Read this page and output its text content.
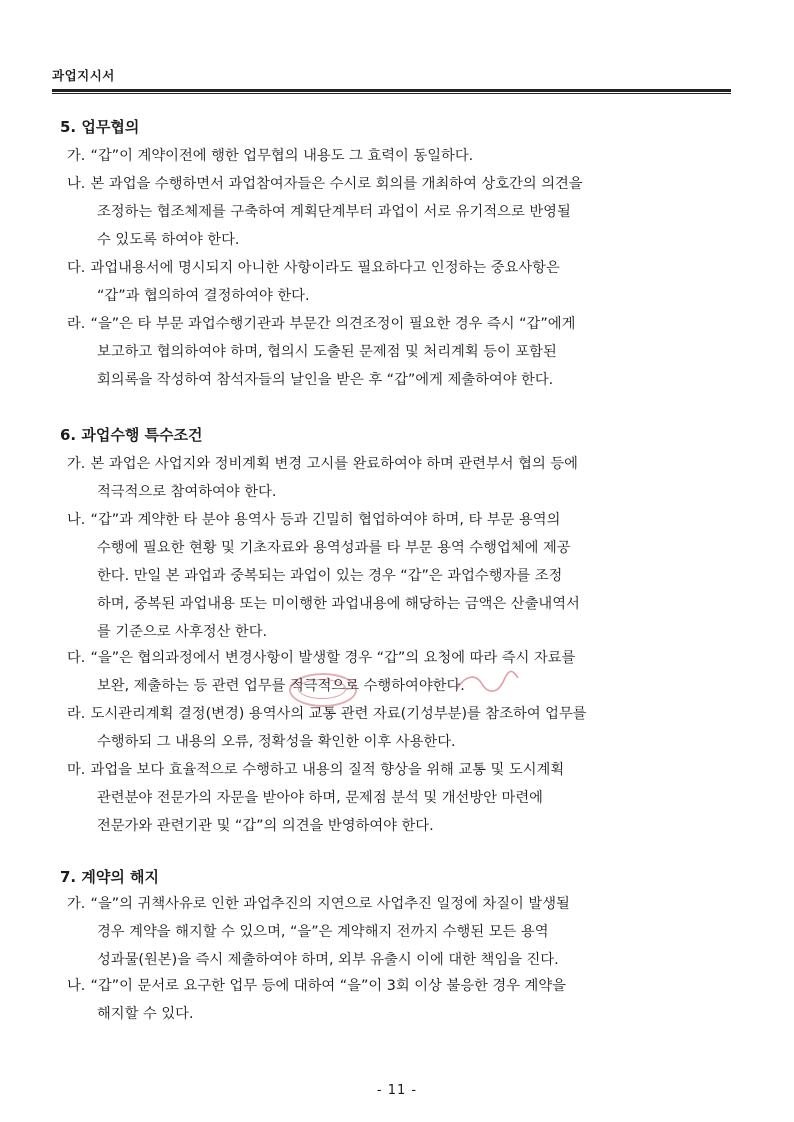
과업지시서
5. 업무협의
가. “갑”이 계약이전에 행한 업무협의 내용도 그 효력이 동일하다.
나. 본 과업을 수행하면서 과업참여자들은 수시로 회의를 개최하여 상호간의 의견을
조정하는 협조체제를 구축하여 계획단계부터 과업이 서로 유기적으로 반영될
수 있도록 하여야 한다.
다. 과업내용서에 명시되지 아니한 사항이라도 필요하다고 인정하는 중요사항은
“갑”과 협의하여 결정하여야 한다.
라. “을”은 타 부문 과업수행기관과 부문간 의견조정이 필요한 경우 즉시 “갑”에게
보고하고 협의하여야 하며, 협의시 도출된 문제점 및 처리계획 등이 포함된
회의록을 작성하여 참석자들의 날인을 받은 후 “갑”에게 제출하여야 한다.
6. 과업수행 특수조건
가. 본 과업은 사업지와 정비계획 변경 고시를 완료하여야 하며 관련부서 협의 등에
적극적으로 참여하여야 한다.
나. “갑”과 계약한 타 분야 용역사 등과 긴밀히 협업하여야 하며, 타 부문 용역의
수행에 필요한 현황 및 기초자료와 용역성과를 타 부문 용역 수행업체에 제공
한다. 만일 본 과업과 중복되는 과업이 있는 경우 “갑”은 과업수행자를 조정
하며, 중복된 과업내용 또는 미이행한 과업내용에 해당하는 금액은 산출내역서
를 기준으로 사후정산 한다.
다. “을”은 협의과정에서 변경사항이 발생할 경우 “갑”의 요청에 따라 즉시 자료를
보완, 제출하는 등 관련 업무를 적극적으로 수행하여야한다.
라. 도시관리계획 결정(변경) 용역사의 교통 관련 자료(기성부분)를 참조하여 업무를
수행하되 그 내용의 오류, 정확성을 확인한 이후 사용한다.
마. 과업을 보다 효율적으로 수행하고 내용의 질적 향상을 위해 교통 및 도시계획
관련분야 전문가의 자문을 받아야 하며, 문제점 분석 및 개선방안 마련에
전문가와 관련기관 및 “갑”의 의견을 반영하여야 한다.
7. 계약의 해지
가. “을”의 귀책사유로 인한 과업추진의 지연으로 사업추진 일정에 차질이 발생될
경우 계약을 해지할 수 있으며, “을”은 계약해지 전까지 수행된 모든 용역
성과물(원본)을 즉시 제출하여야 하며, 외부 유출시 이에 대한 책임을 진다.
나. “갑”이 문서로 요구한 업무 등에 대하여 “을”이 3회 이상 불응한 경우 계약을
해지할 수 있다.
- 11 -
